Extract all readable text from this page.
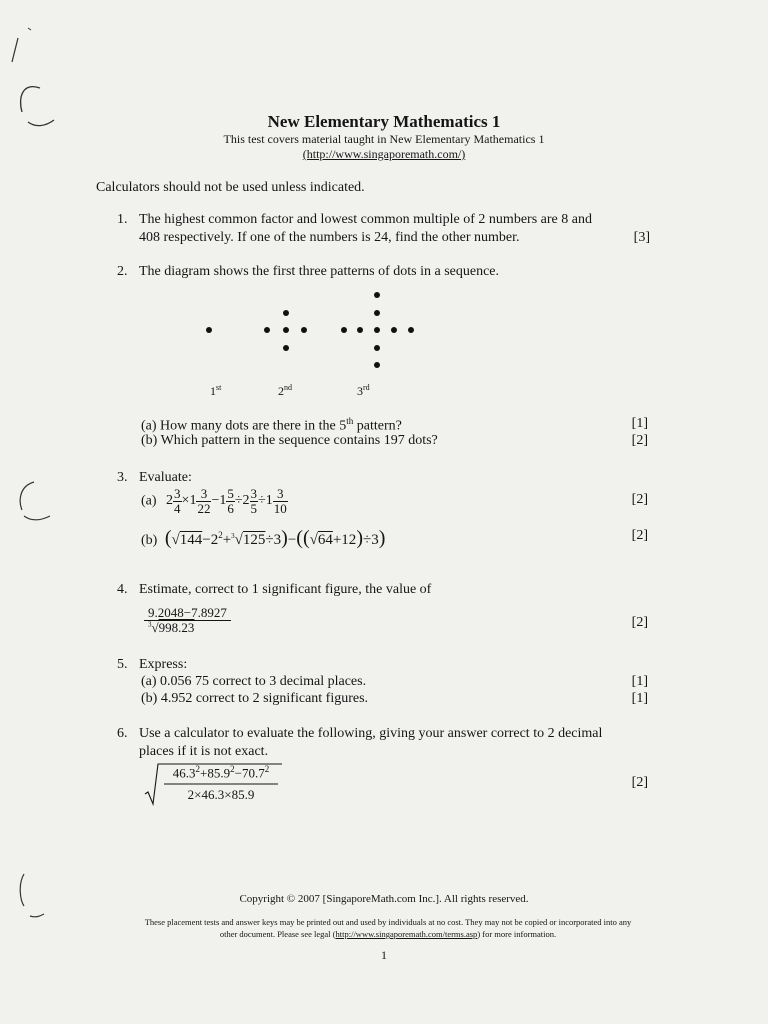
New Elementary Mathematics 1
This test covers material taught in New Elementary Mathematics 1
(http://www.singaporemath.com/)
Calculators should not be used unless indicated.
1. The highest common factor and lowest common multiple of 2 numbers are 8 and
408 respectively. If one of the numbers is 24, find the other number.	[3]
2. The diagram shows the first three patterns of dots in a sequence.
1st	2nd	3rd
(a) How many dots are there in the 5th pattern?	[1]
(b) Which pattern in the sequence contains 197 dots?	[2]
3. Evaluate:
(a) $2 \frac{3}{4} \times 1 \frac{3}{22} -1 \frac{5}{6} \div 2 \frac{3}{5} \div 1 \frac{3}{10}$	[2]
(b) $(√144-2^2+^3√125\div 3)-((√64+12)\div 3)$	[2]
4. Estimate, correct to 1 significant figure, the value of
$\frac{9.2048-7.8927}{^3√998.23}$	[2]
5. Express:
(a) 0.056 75 correct to 3 decimal places.	[1]
(b) 4.952 correct to 2 significant figures.	[1]
6. Use a calculator to evaluate the following, giving your answer correct to 2 decimal
places if it is not exact.
$46.3^2+85.9^2-70.7^2$
2×46.3×85.9
[2]
Copyright © 2007 [SingaporeMath.com Inc.]. All rights reserved.
These placement tests and answer keys may be printed out and used by individuals at no cost. They may not be copied or incorporated into any
other document. Please see legal (http://www.singaporemath.com/terms.asp) for more information.
1
